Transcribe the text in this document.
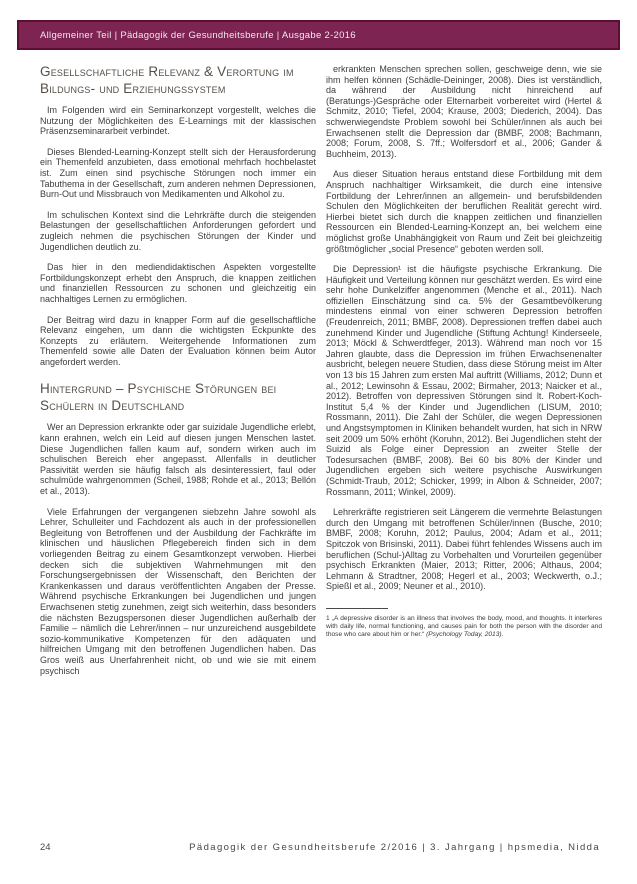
Allgemeiner Teil | Pädagogik der Gesundheitsberufe | Ausgabe 2-2016
Gesellschaftliche Relevanz & Verortung im Bildungs- und Erziehungssystem

Im Folgenden wird ein Seminarkonzept vorgestellt, welches die Nutzung der Möglichkeiten des E-Learnings mit der klassischen Präsenzseminararbeit verbindet.

Dieses Blended-Learning-Konzept stellt sich der Herausforderung ein Themenfeld anzubieten, dass emotional mehrfach hochbelastet ist. Zum einen sind psychische Störungen noch immer ein Tabuthema in der Gesellschaft, zum anderen nehmen Depressionen, Burn-Out und Missbrauch von Medikamenten und Alkohol zu.

Im schulischen Kontext sind die Lehrkräfte durch die steigenden Belastungen der gesellschaftlichen Anforderungen gefordert und zugleich nehmen die psychischen Störungen der Kinder und Jugendlichen deutlich zu.

Das hier in den mediendidaktischen Aspekten vorgestellte Fortbildungskonzept erhebt den Anspruch, die knappen zeitlichen und finanziellen Ressourcen zu schonen und gleichzeitig ein nachhaltiges Lernen zu ermöglichen.

Der Beitrag wird dazu in knapper Form auf die gesellschaftliche Relevanz eingehen, um dann die wichtigsten Eckpunkte des Konzepts zu erläutern. Weitergehende Informationen zum Themenfeld sowie alle Daten der Evaluation können beim Autor angefordert werden.

Hintergrund – Psychische Störungen bei Schülern in Deutschland

Wer an Depression erkrankte oder gar suizidale Jugendliche erlebt, kann erahnen, welch ein Leid auf diesen jungen Menschen lastet. Diese Jugendlichen fallen kaum auf, sondern wirken auch im schulischen Bereich eher angepasst. Allenfalls in deutlicher Passivität werden sie häufig falsch als desinteressiert, faul oder schulmüde wahrgenommen (Scheil, 1988; Rohde et al., 2013; Bellón et al., 2013).

Viele Erfahrungen der vergangenen siebzehn Jahre sowohl als Lehrer, Schulleiter und Fachdozent als auch in der professionellen Begleitung von Betroffenen und der Ausbildung der Fachkräfte im klinischen und häuslichen Pflegebereich finden sich in dem vorliegenden Beitrag zu einem Gesamtkonzept verwoben. Hierbei decken sich die subjektiven Wahrnehmungen mit den Forschungsergebnissen der Wissenschaft, den Berichten der Krankenkassen und daraus veröffentlichten Angaben der Presse. Während psychische Erkrankungen bei Jugendlichen und jungen Erwachsenen stetig zunehmen, zeigt sich weiterhin, dass besonders die nächsten Bezugspersonen dieser Jugendlichen außerhalb der Familie – nämlich die Lehrer/innen – nur unzureichend ausgebildete sozio-kommunikative Kompetenzen für den adäquaten und hilfreichen Umgang mit den betroffenen Jugendlichen haben. Das Gros weiß aus Unerfahrenheit nicht, ob und wie sie mit einem psychisch

erkrankten Menschen sprechen sollen, geschweige denn, wie sie ihm helfen können (Schädle-Deininger, 2008). Dies ist verständlich, da während der Ausbildung nicht hinreichend auf (Beratungs-)Gespräche oder Elternarbeit vorbereitet wird (Hertel & Schmitz, 2010; Tiefel, 2004; Krause, 2003; Diederich, 2004). Das schwerwiegendste Problem sowohl bei Schüler/innen als auch bei Erwachsenen stellt die Depression dar (BMBF, 2008; Bachmann, 2008; Forum, 2008, S. 7ff.; Wolfersdorf et al., 2006; Gander & Buchheim, 2013).

Aus dieser Situation heraus entstand diese Fortbildung mit dem Anspruch nachhaltiger Wirksamkeit, die durch eine intensive Fortbildung der Lehrer/innen an allgemein- und berufsbildenden Schulen den Möglichkeiten der beruflichen Realität gerecht wird. Hierbei bietet sich durch die knappen zeitlichen und finanziellen Ressourcen ein Blended-Learning-Konzept an, bei welchem eine möglichst große Unabhängigkeit von Raum und Zeit bei gleichzeitig größtmöglicher „social Presence“ geboten werden soll.

Die Depression¹ ist die häufigste psychische Erkrankung. Die Häufigkeit und Verteilung können nur geschätzt werden. Es wird eine sehr hohe Dunkelziffer angenommen (Menche et al., 2011). Nach offiziellen Einschätzung sind ca. 5% der Gesamtbevölkerung mindestens einmal von einer schweren Depression betroffen (Freudenreich, 2011; BMBF, 2008). Depressionen treffen dabei auch zunehmend Kinder und Jugendliche (Stiftung Achtung! Kinderseele, 2013; Möckl & Schwerdtfeger, 2013). Während man noch vor 15 Jahren glaubte, dass die Depression im frühen Erwachsenenalter ausbricht, belegen neuere Studien, dass diese Störung meist im Alter von 13 bis 15 Jahren zum ersten Mal auftritt (Williams, 2012; Dunn et al., 2012; Lewinsohn & Essau, 2002; Birmaher, 2013; Naicker et al., 2012). Betroffen von depressiven Störungen sind lt. Robert-Koch-Institut 5,4 % der Kinder und Jugendlichen (LISUM, 2010; Rossmann, 2011). Die Zahl der Schüler, die wegen Depressionen und Angstsymptomen in Kliniken behandelt wurden, hat sich in NRW seit 2009 um 50% erhöht (Koruhn, 2012). Bei Jugendlichen steht der Suizid als Folge einer Depression an zweiter Stelle der Todesursachen (BMBF, 2008). Bei 60 bis 80% der Kinder und Jugendlichen ergeben sich weitere psychische Auswirkungen (Schmidt-Traub, 2012; Schicker, 1999; in Albon & Schneider, 2007; Rossmann, 2011; Winkel, 2009).

Lehrerkräfte registrieren seit Längerem die vermehrte Belastungen durch den Umgang mit betroffenen Schüler/innen (Busche, 2010; BMBF, 2008; Koruhn, 2012; Paulus, 2004; Adam et al., 2011; Spitczok von Brisinski, 2011). Dabei führt fehlendes Wissens auch im beruflichen (Schul-)Alltag zu Vorbehalten und Vorurteilen gegenüber psychisch Erkrankten (Maier, 2013; Ritter, 2006; Althaus, 2004; Lehmann & Stradtner, 2008; Hegerl et al., 2003; Weckwerth, o.J.; Spießl et al., 2009; Neuner et al., 2010).

1 „A depressive disorder is an illness that involves the body, mood, and thoughts. It interferes with daily life, normal functioning, and causes pain for both the person with the disorder and those who care about him or her.“ (Psychology Today, 2013).
24	Pädagogik der Gesundheitsberufe 2/2016 | 3. Jahrgang | hpsmedia, Nidda
